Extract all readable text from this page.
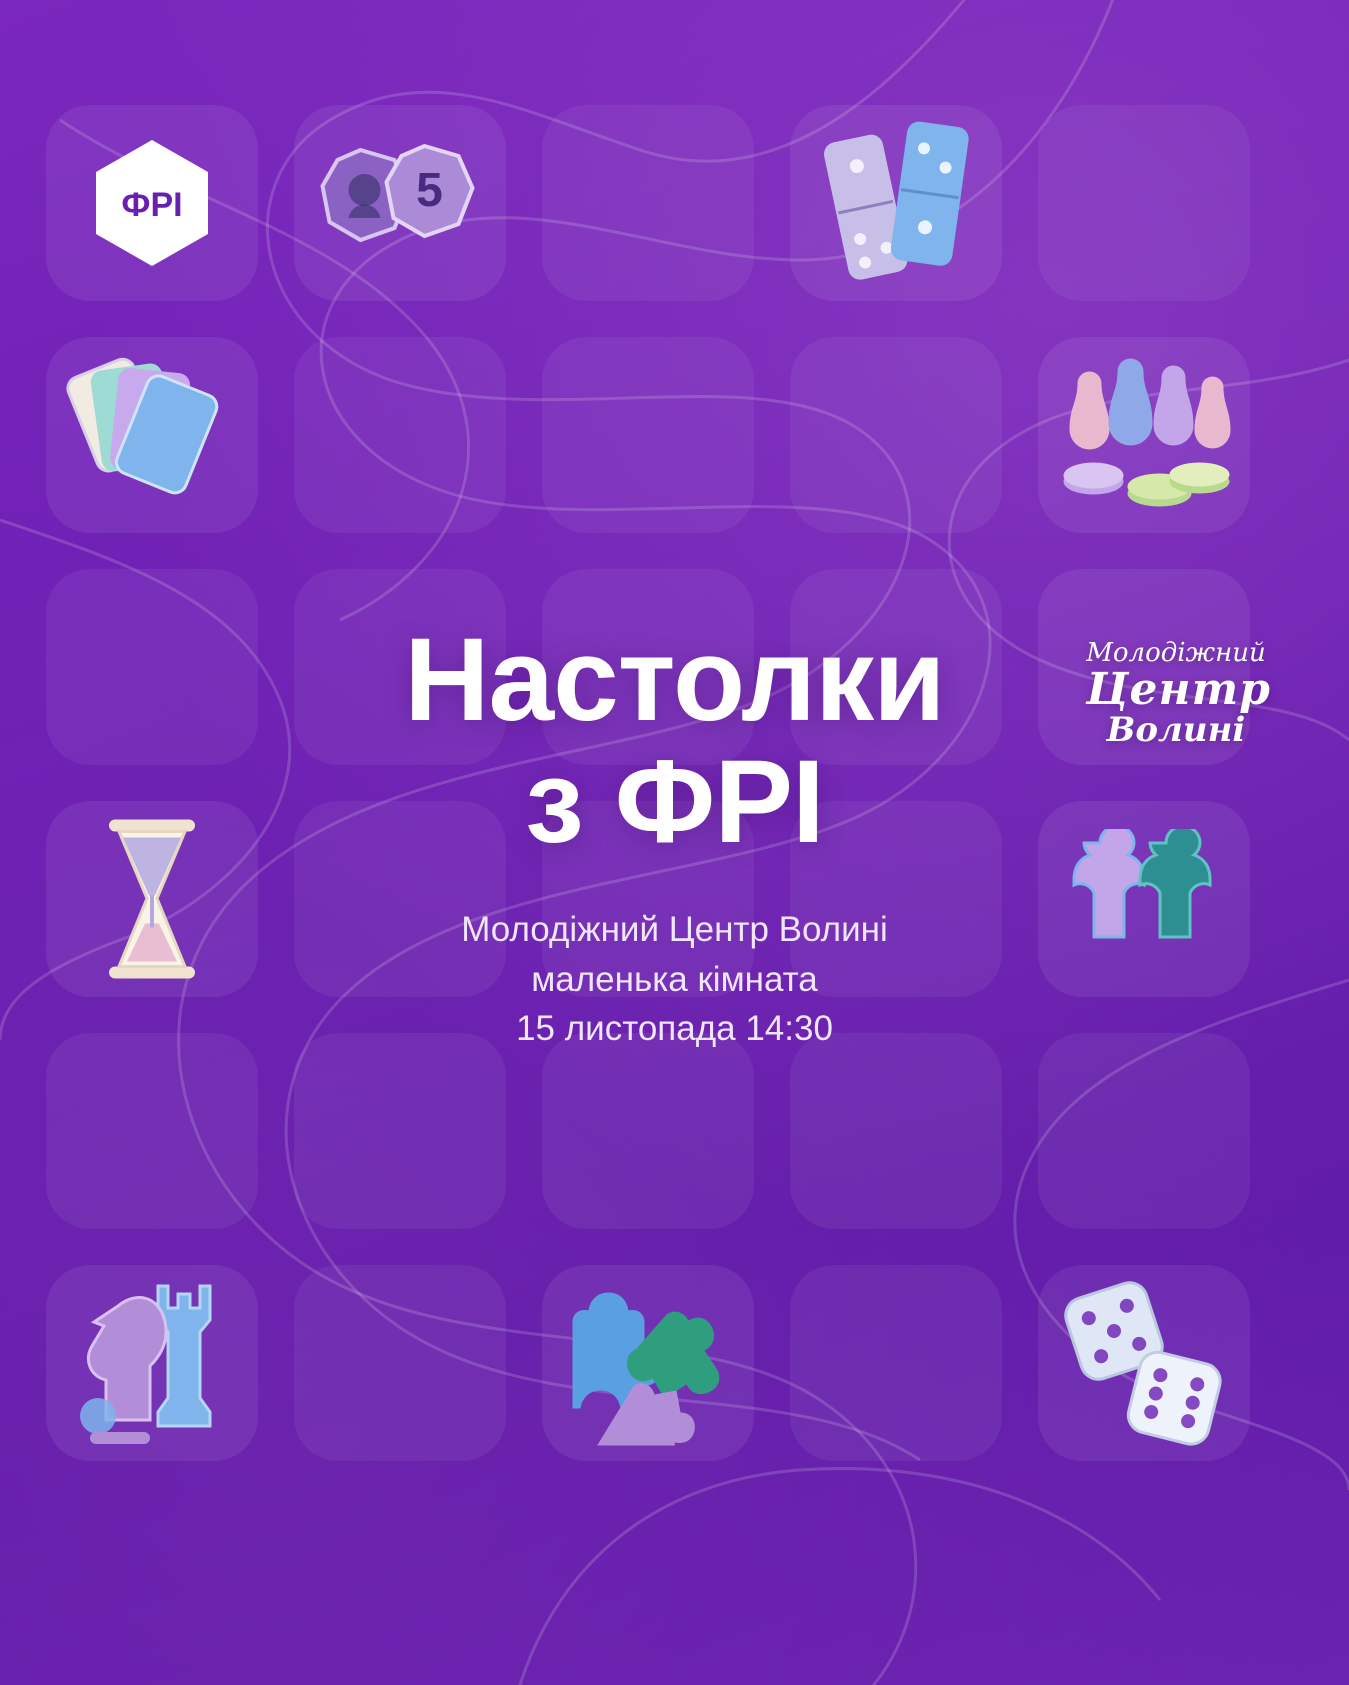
ФРІ	5
Молодіжний
Центр
Волині
Настолки
з ФРІ
Молодіжний Центр Волині
маленька кімната
15 листопада 14:30
